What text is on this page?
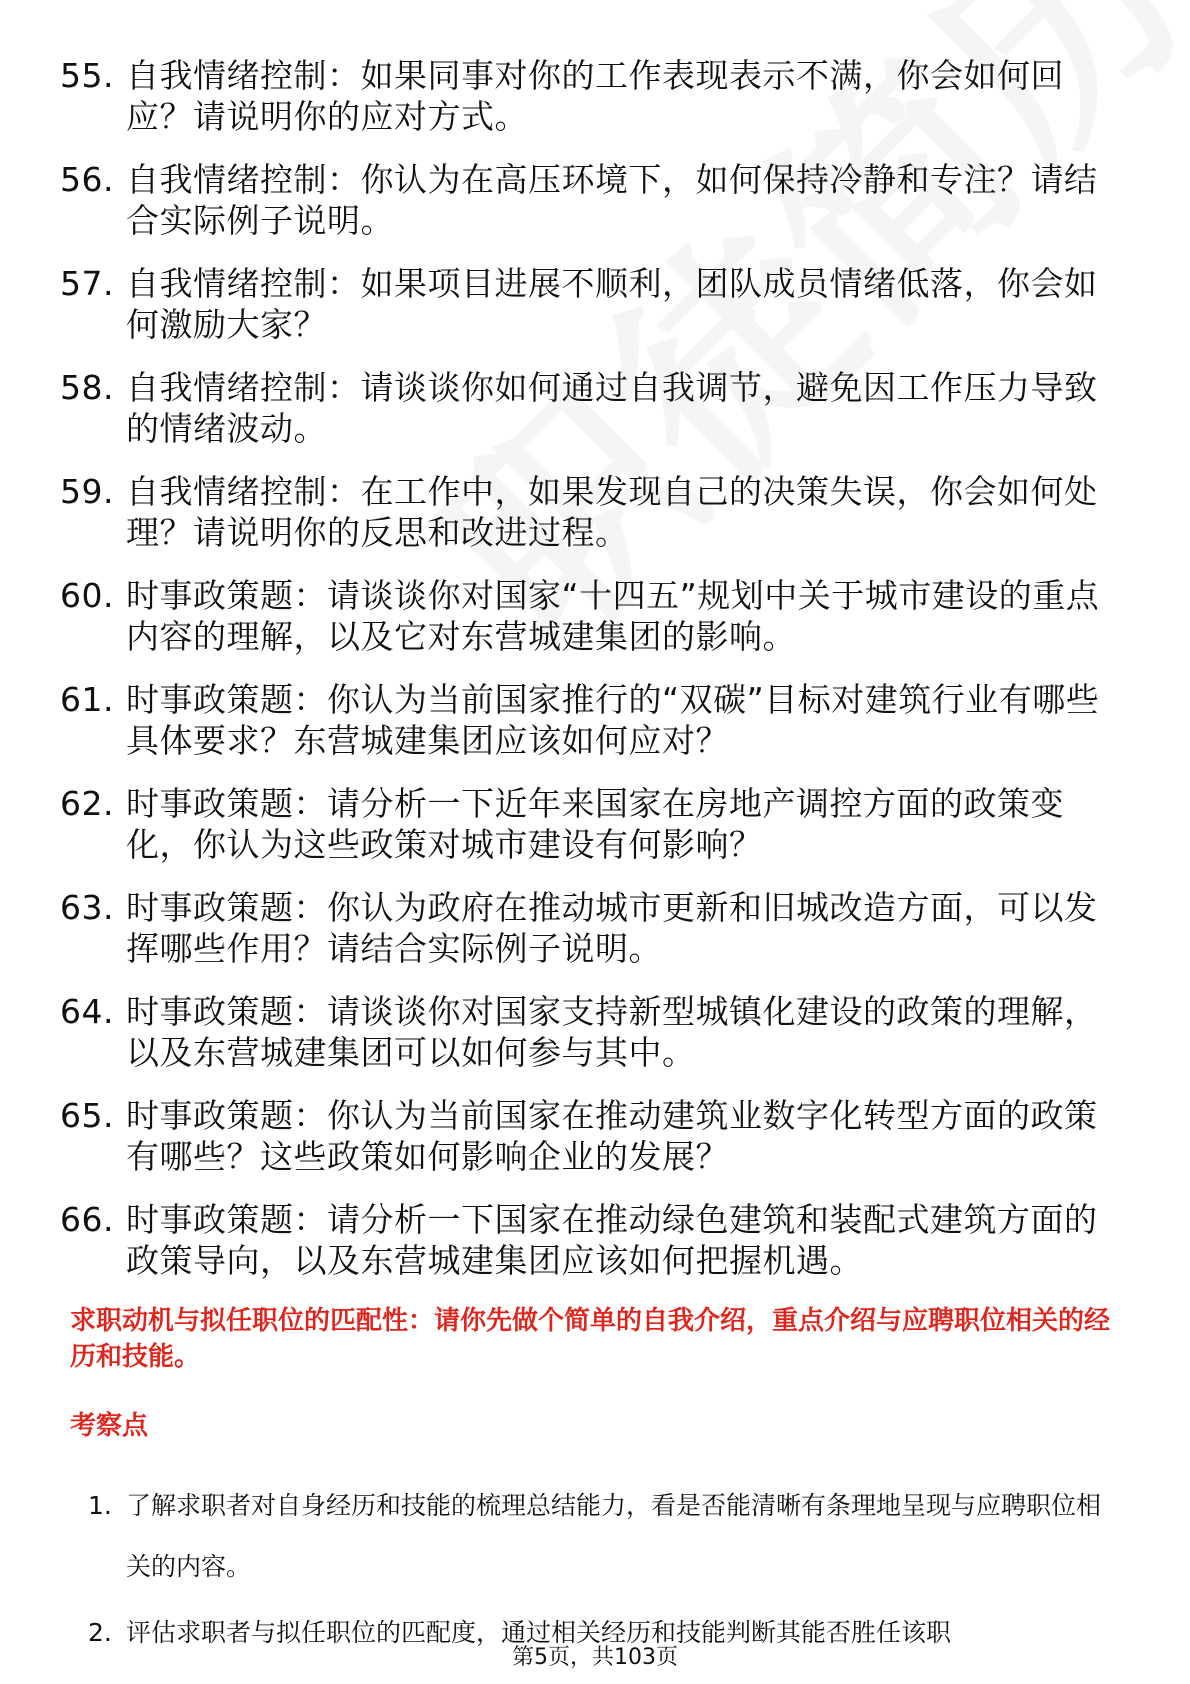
55. 自我情绪控制：如果同事对你的工作表现表示不满，你会如何回应？请说明你的应对方式。
56. 自我情绪控制：你认为在高压环境下，如何保持冷静和专注？请结合实际例子说明。
57. 自我情绪控制：如果项目进展不顺利，团队成员情绪低落，你会如何激励大家？
58. 自我情绪控制：请谈谈你如何通过自我调节，避免因工作压力导致的情绪波动。
59. 自我情绪控制：在工作中，如果发现自己的决策失误，你会如何处理？请说明你的反思和改进过程。
60. 时事政策题：请谈谈你对国家“十四五”规划中关于城市建设的重点内容的理解，以及它对东营城建集团的影响。
61. 时事政策题：你认为当前国家推行的“双碳”目标对建筑行业有哪些具体要求？东营城建集团应该如何应对？
62. 时事政策题：请分析一下近年来国家在房地产调控方面的政策变化，你认为这些政策对城市建设有何影响？
63. 时事政策题：你认为政府在推动城市更新和旧城改造方面，可以发挥哪些作用？请结合实际例子说明。
64. 时事政策题：请谈谈你对国家支持新型城镇化建设的政策的理解，以及东营城建集团可以如何参与其中。
65. 时事政策题：你认为当前国家在推动建筑业数字化转型方面的政策有哪些？这些政策如何影响企业的发展？
66. 时事政策题：请分析一下国家在推动绿色建筑和装配式建筑方面的政策导向，以及东营城建集团应该如何把握机遇。
求职动机与拟任职位的匹配性：请你先做个简单的自我介绍，重点介绍与应聘职位相关的经历和技能。
考察点
1. 了解求职者对自身经历和技能的梳理总结能力，看是否能清晰有条理地呈现与应聘职位相关的内容。
2. 评估求职者与拟任职位的匹配度，通过相关经历和技能判断其能否胜任该职
第5页，共103页
